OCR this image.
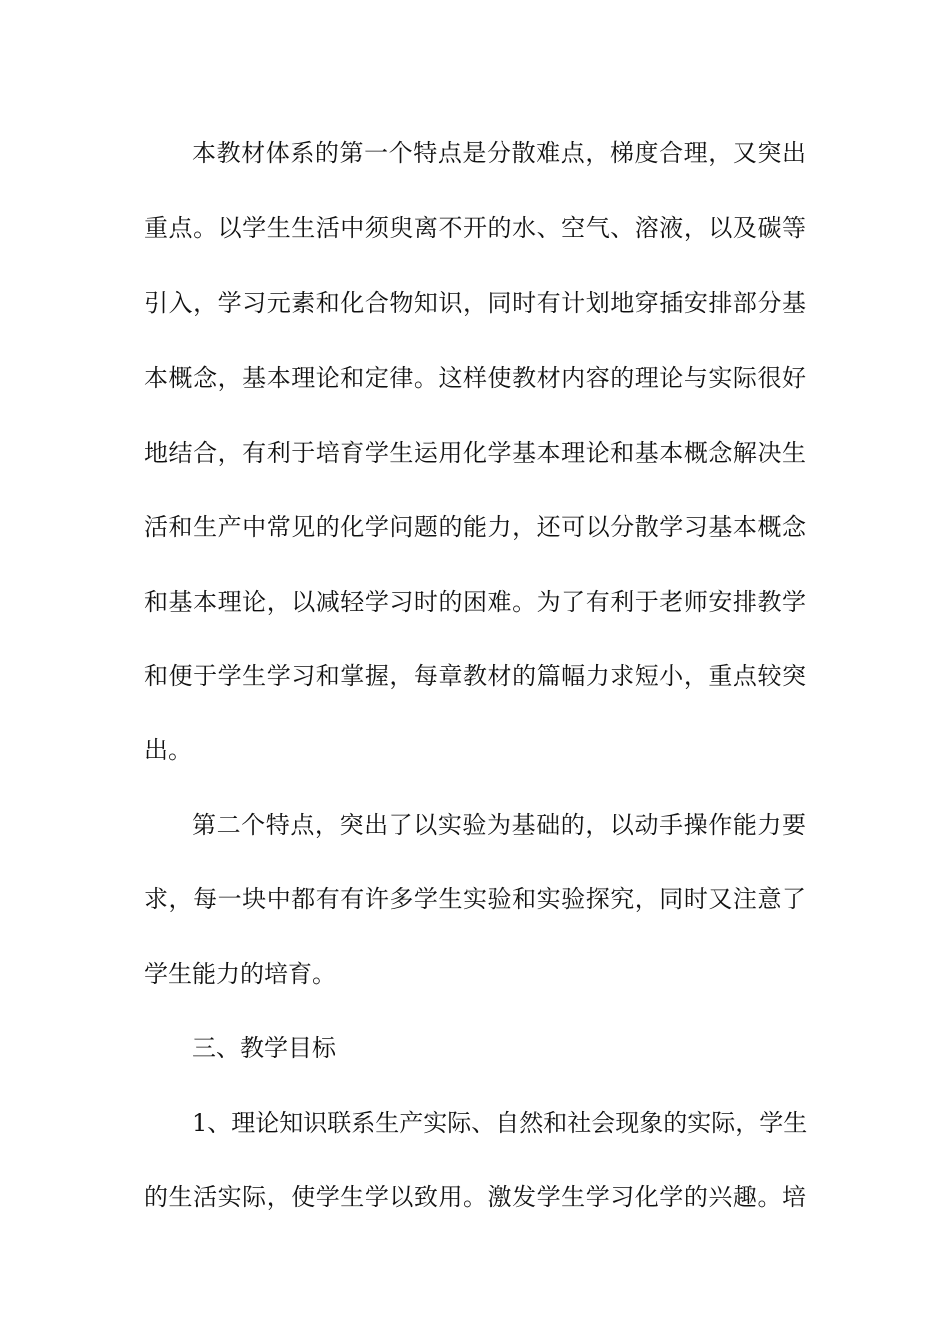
本教材体系的第一个特点是分散难点，梯度合理，又突出
重点。以学生生活中须臾离不开的水、空气、溶液，以及碳等
引入，学习元素和化合物知识，同时有计划地穿插安排部分基
本概念，基本理论和定律。这样使教材内容的理论与实际很好
地结合，有利于培育学生运用化学基本理论和基本概念解决生
活和生产中常见的化学问题的能力，还可以分散学习基本概念
和基本理论，以减轻学习时的困难。为了有利于老师安排教学
和便于学生学习和掌握，每章教材的篇幅力求短小，重点较突
出。
第二个特点，突出了以实验为基础的，以动手操作能力要
求，每一块中都有有许多学生实验和实验探究，同时又注意了
学生能力的培育。
三、教学目标
1、理论知识联系生产实际、自然和社会现象的实际，学生
的生活实际，使学生学以致用。激发学生学习化学的兴趣。培
